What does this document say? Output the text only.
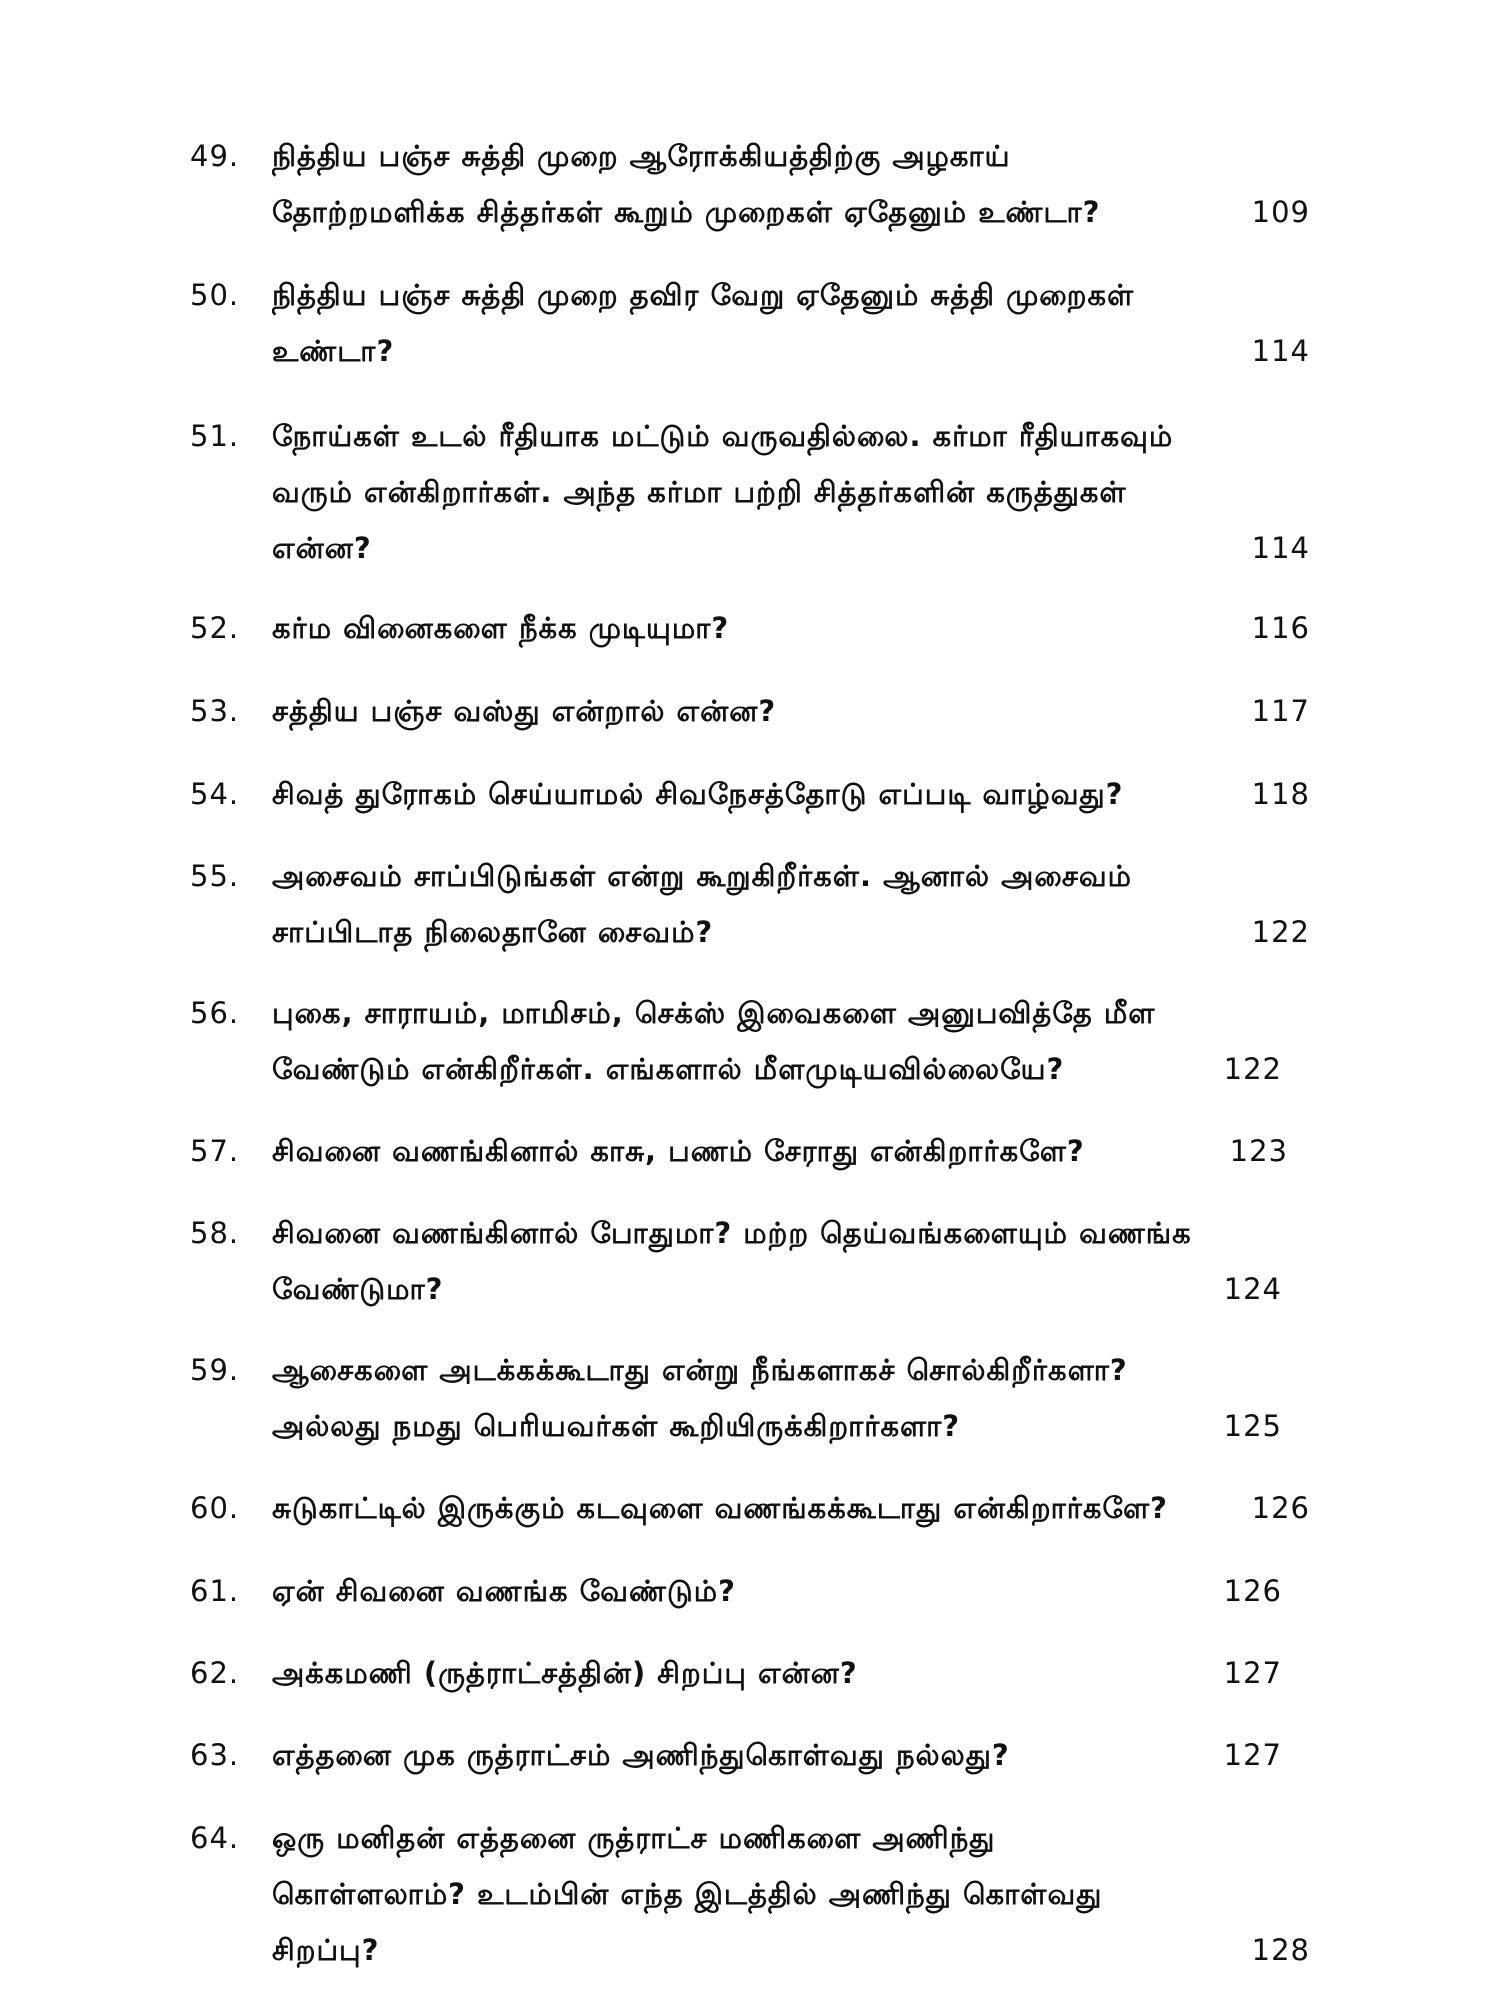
49. நித்திய பஞ்ச சுத்தி முறை ஆரோக்கியத்திற்கு அழகாய்
தோற்றமளிக்க சித்தர்கள் கூறும் முறைகள் ஏதேனும் உண்டா?	109
50. நித்திய பஞ்ச சுத்தி முறை தவிர வேறு ஏதேனும் சுத்தி முறைகள்
உண்டா?	114
51. நோய்கள் உடல் ரீதியாக மட்டும் வருவதில்லை. கர்மா ரீதியாகவும்
வரும் என்கிறார்கள். அந்த கர்மா பற்றி சித்தர்களின் கருத்துகள்
என்ன?	114
52. கர்ம வினைகளை நீக்க முடியுமா?	116
53. சத்திய பஞ்ச வஸ்து என்றால் என்ன?	117
54. சிவத் துரோகம் செய்யாமல் சிவநேசத்தோடு எப்படி வாழ்வது?	118
55. அசைவம் சாப்பிடுங்கள் என்று கூறுகிறீர்கள். ஆனால் அசைவம்
சாப்பிடாத நிலைதானே சைவம்?	122
56. புகை, சாராயம், மாமிசம், செக்ஸ் இவைகளை அனுபவித்தே மீள
வேண்டும் என்கிறீர்கள். எங்களால் மீளமுடியவில்லையே?	122
57. சிவனை வணங்கினால் காசு, பணம் சேராது என்கிறார்களே?	123
58. சிவனை வணங்கினால் போதுமா? மற்ற தெய்வங்களையும் வணங்க
வேண்டுமா?	124
59. ஆசைகளை அடக்கக்கூடாது என்று நீங்களாகச் சொல்கிறீர்களா?
அல்லது நமது பெரியவர்கள் கூறியிருக்கிறார்களா?	125
60. சுடுகாட்டில் இருக்கும் கடவுளை வணங்கக்கூடாது என்கிறார்களே?	126
61. ஏன் சிவனை வணங்க வேண்டும்?	126
62. அக்கமணி (ருத்ராட்சத்தின்) சிறப்பு என்ன?	127
63. எத்தனை முக ருத்ராட்சம் அணிந்துகொள்வது நல்லது?	127
64. ஒரு மனிதன் எத்தனை ருத்ராட்ச மணிகளை அணிந்து
கொள்ளலாம்? உடம்பின் எந்த இடத்தில் அணிந்து கொள்வது
சிறப்பு?	128
